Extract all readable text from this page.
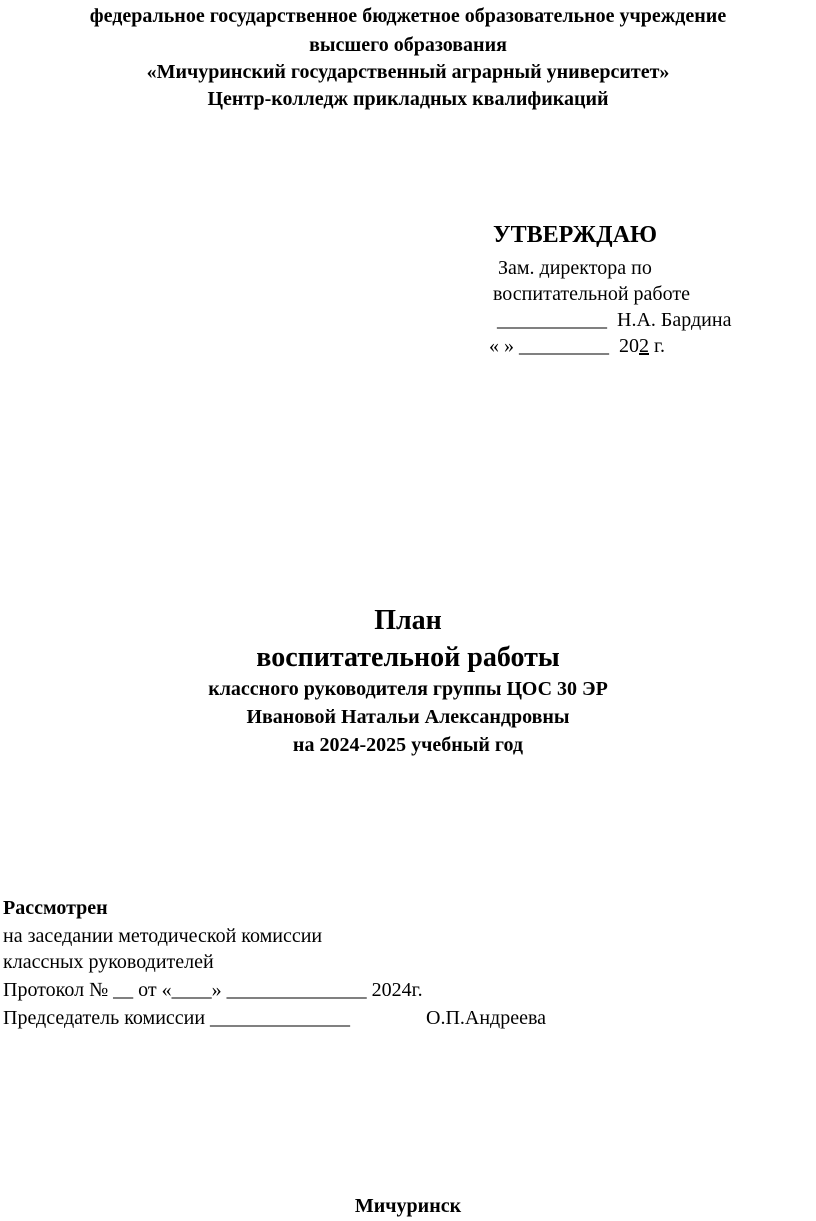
федеральное государственное бюджетное образовательное учреждение
высшего образования
«Мичуринский государственный аграрный университет»
Центр-колледж прикладных квалификаций
УТВЕРЖДАЮ
Зам. директора по
воспитательной работе
___________ Н.А. Бардина
« » _________ 202 г.
План
воспитательной работы
классного руководителя группы ЦОС 30 ЭР
Ивановой Натальи Александровны
на 2024-2025 учебный год
Рассмотрен
на заседании методической комиссии
классных руководителей
Протокол № __ от «____» ______________ 2024г.
Председатель комиссии ______________	О.П.Андреева
Мичуринск
